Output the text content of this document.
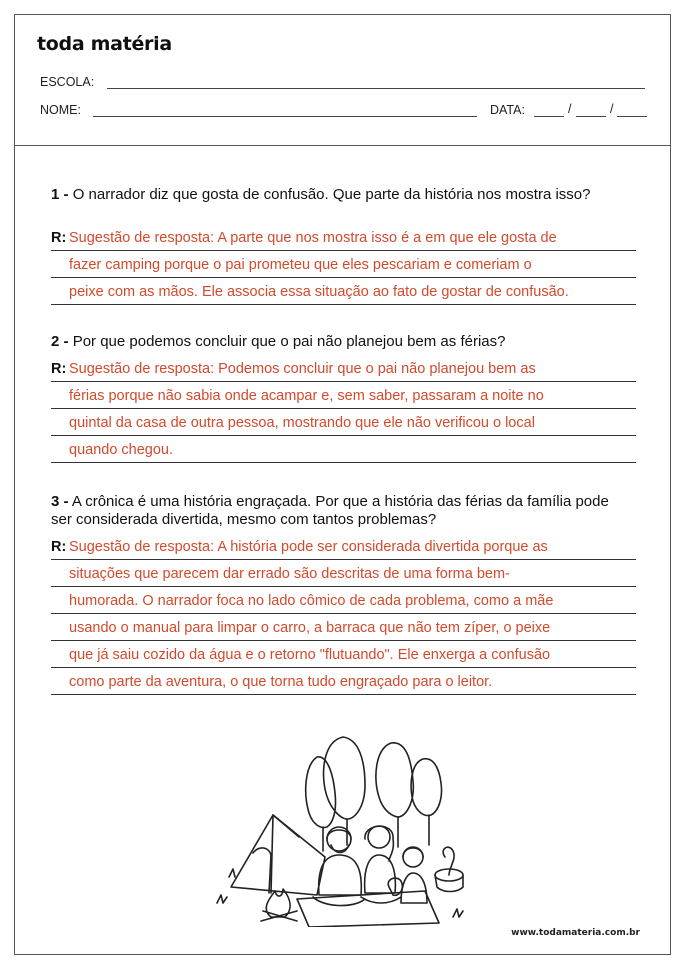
toda matéria
ESCOLA:
NOME:	DATA:	/	/
1 - O narrador diz que gosta de confusão. Que parte da história nos mostra isso?
R: Sugestão de resposta: A parte que nos mostra isso é a em que ele gosta de
fazer camping porque o pai prometeu que eles pescariam e comeriam o
peixe com as mãos. Ele associa essa situação ao fato de gostar de confusão.
2 - Por que podemos concluir que o pai não planejou bem as férias?
R: Sugestão de resposta: Podemos concluir que o pai não planejou bem as
férias porque não sabia onde acampar e, sem saber, passaram a noite no
quintal da casa de outra pessoa, mostrando que ele não verificou o local
quando chegou.
3 - A crônica é uma história engraçada. Por que a história das férias da família pode ser considerada divertida, mesmo com tantos problemas?
R: Sugestão de resposta: A história pode ser considerada divertida porque as
situações que parecem dar errado são descritas de uma forma bem-
humorada. O narrador foca no lado cômico de cada problema, como a mãe
usando o manual para limpar o carro, a barraca que não tem zíper, o peixe
que já saiu cozido da água e o retorno "flutuando". Ele enxerga a confusão
como parte da aventura, o que torna tudo engraçado para o leitor.
www.todamateria.com.br
